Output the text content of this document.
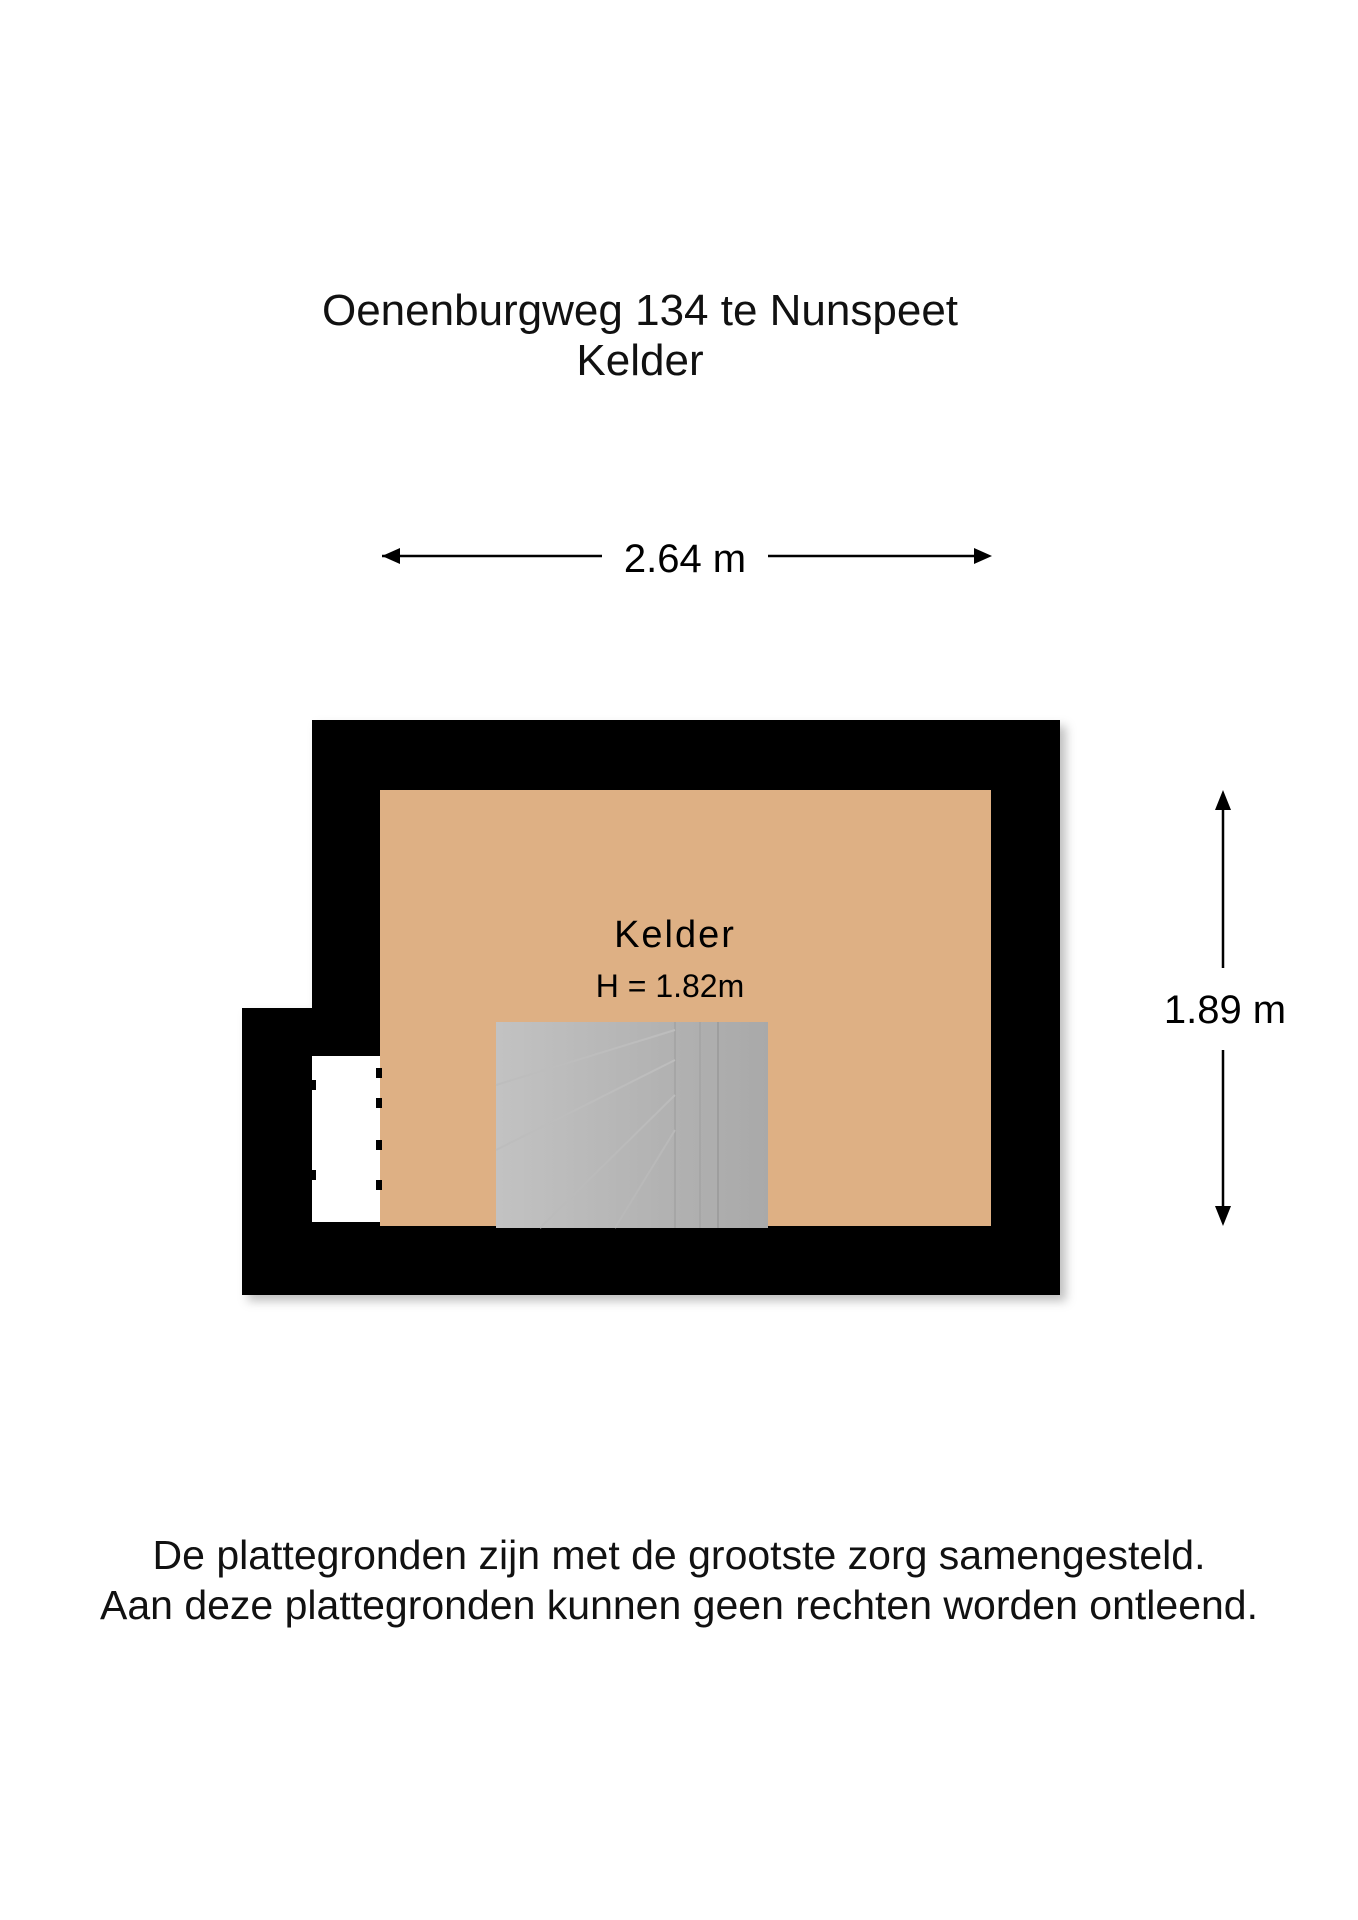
Oenenburgweg 134 te Nunspeet
Kelder
2.64 m
1.89 m
Kelder
H = 1.82m
De plattegronden zijn met de grootste zorg samengesteld.
Aan deze plattegronden kunnen geen rechten worden ontleend.
